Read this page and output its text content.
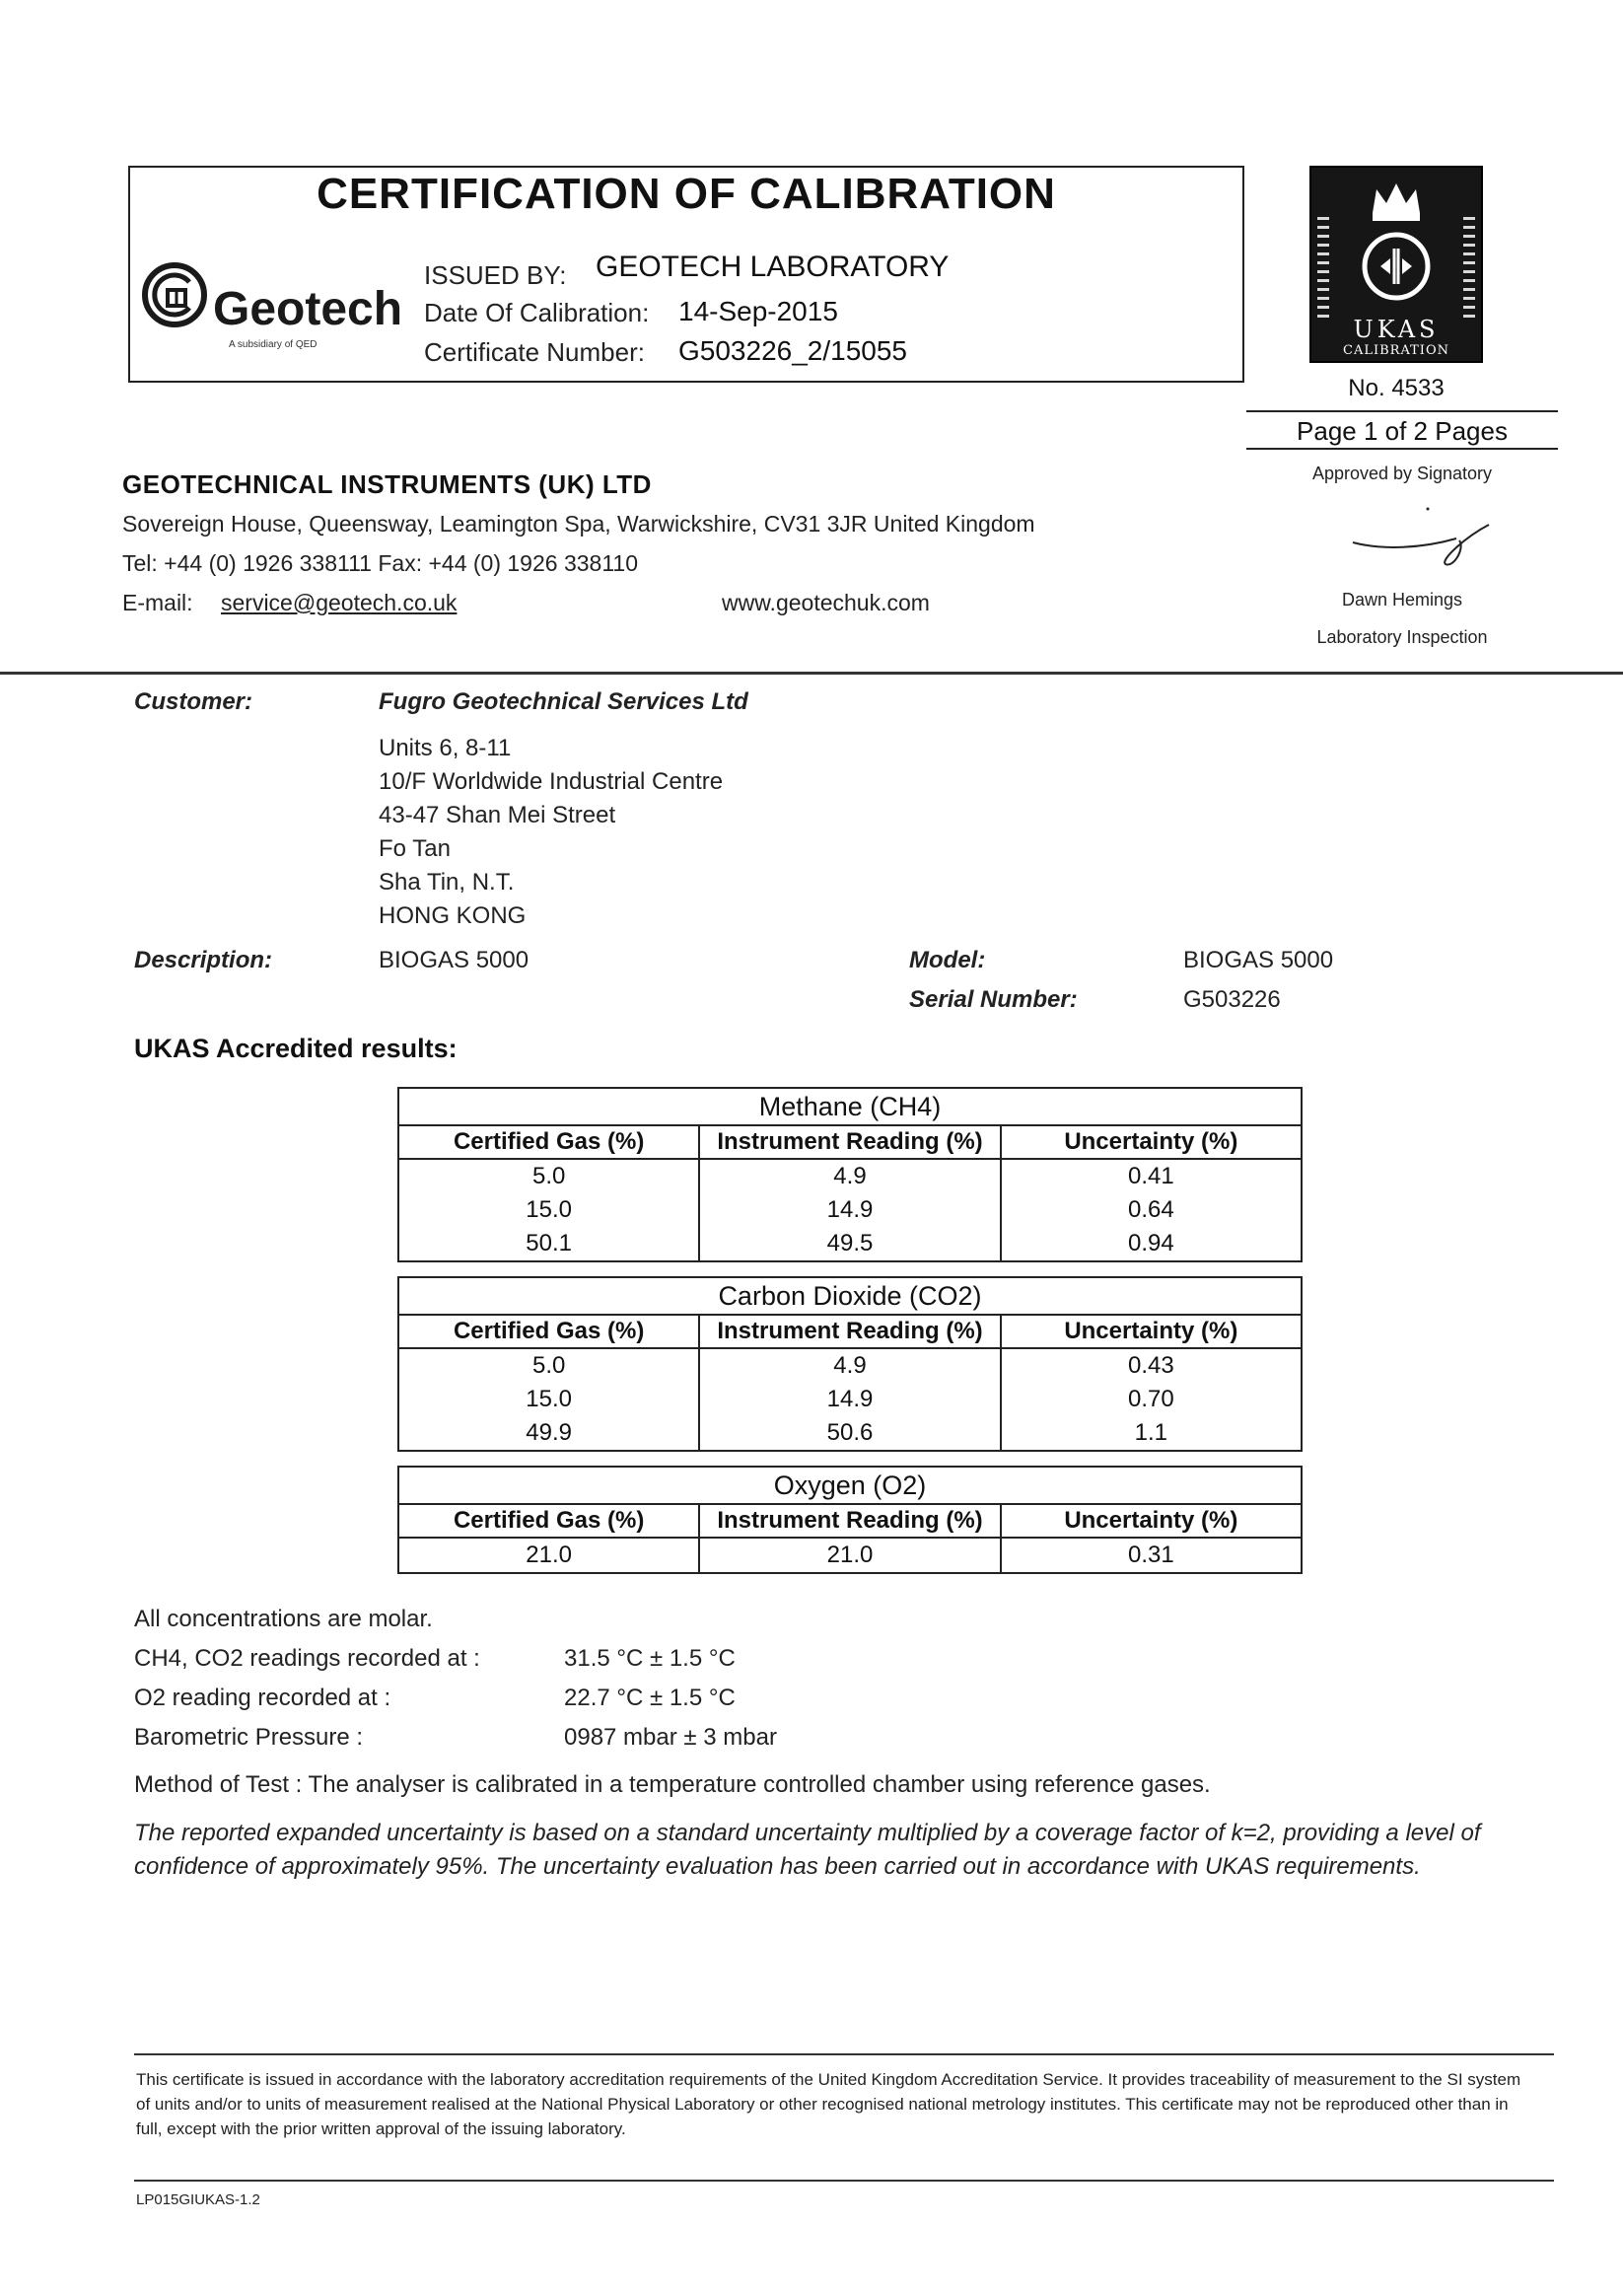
CERTIFICATION OF CALIBRATION
Geotech
A subsidiary of QED
ISSUED BY: GEOTECH LABORATORY
Date Of Calibration: 14-Sep-2015
Certificate Number: G503226_2/15055
UKAS
CALIBRATION
No. 4533
Page 1 of 2 Pages
Approved by Signatory
Dawn Hemings
Laboratory Inspection
GEOTECHNICAL INSTRUMENTS (UK) LTD
Sovereign House, Queensway, Leamington Spa, Warwickshire, CV31 3JR United Kingdom
Tel: +44 (0) 1926 338111 Fax: +44 (0) 1926 338110
E-mail: service@geotech.co.uk	www.geotechuk.com
Customer:	Fugro Geotechnical Services Ltd
Units 6, 8-11
10/F Worldwide Industrial Centre
43-47 Shan Mei Street
Fo Tan
Sha Tin, N.T.
HONG KONG
Description:	BIOGAS 5000	Model:	BIOGAS 5000
Serial Number:	G503226
UKAS Accredited results:
Methane (CH4)		
Certified Gas (%)	Instrument Reading (%)	Uncertainty (%)
5.0	4.9	0.41
15.0	14.9	0.64
50.1	49.5	0.94
Carbon Dioxide (CO2)		
Certified Gas (%)	Instrument Reading (%)	Uncertainty (%)
5.0	4.9	0.43
15.0	14.9	0.70
49.9	50.6	1.1
Oxygen (O2)		
Certified Gas (%)	Instrument Reading (%)	Uncertainty (%)
21.0	21.0	0.31
All concentrations are molar.
CH4, CO2 readings recorded at :	31.5 °C ± 1.5 °C
O2 reading recorded at :	22.7 °C ± 1.5 °C
Barometric Pressure :	0987 mbar ± 3 mbar
Method of Test : The analyser is calibrated in a temperature controlled chamber using reference gases.
The reported expanded uncertainty is based on a standard uncertainty multiplied by a coverage factor of k=2, providing a level of confidence of approximately 95%. The uncertainty evaluation has been carried out in accordance with UKAS requirements.
This certificate is issued in accordance with the laboratory accreditation requirements of the United Kingdom Accreditation Service. It provides traceability of measurement to the SI system of units and/or to units of measurement realised at the National Physical Laboratory or other recognised national metrology institutes. This certificate may not be reproduced other than in full, except with the prior written approval of the issuing laboratory.
LP015GIUKAS-1.2
